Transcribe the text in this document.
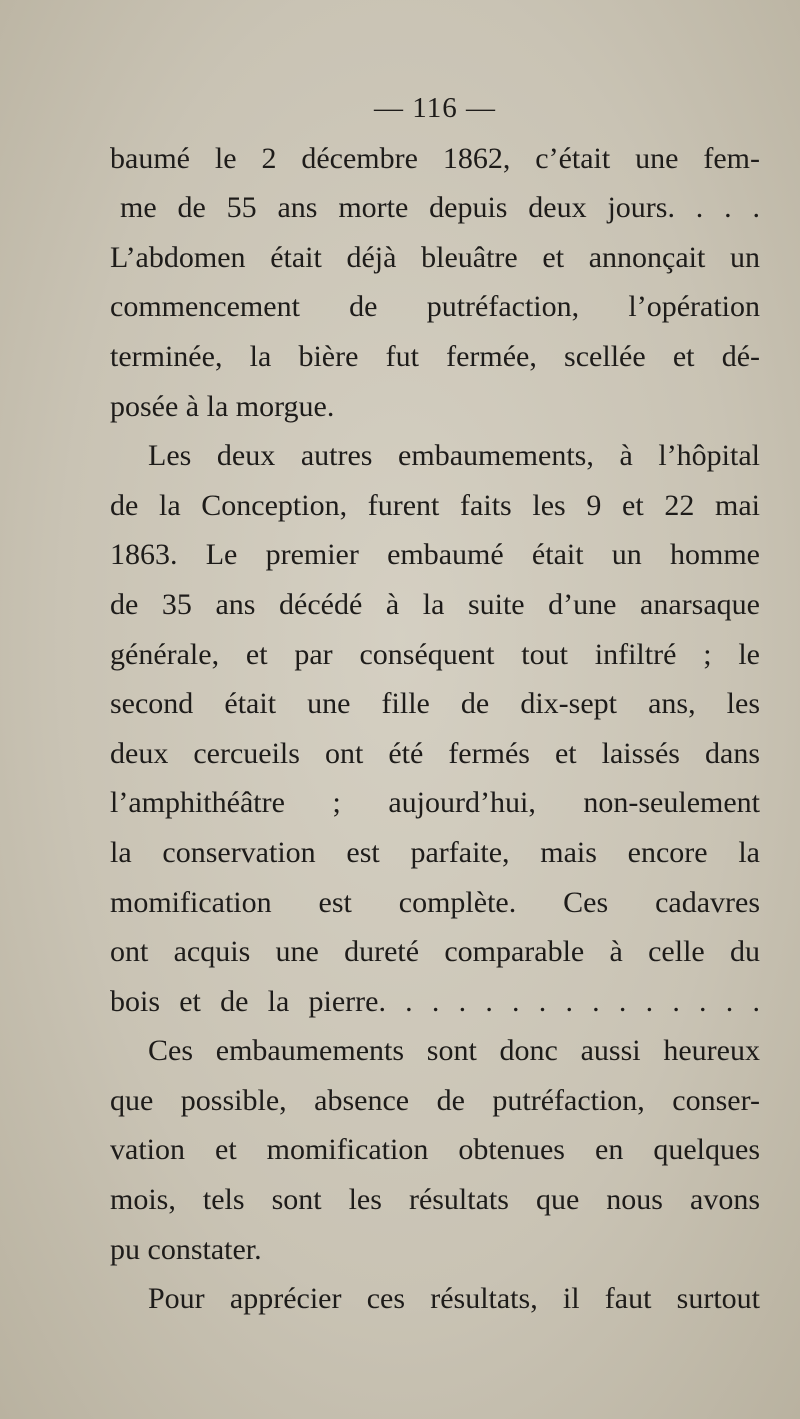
— 116 —
baumé le 2 décembre 1862, c’était une fem-
me de 55 ans morte depuis deux jours. . . .
L’abdomen était déjà bleuâtre et annonçait un
commencement de putréfaction, l’opération
terminée, la bière fut fermée, scellée et dé-
posée à la morgue.
Les deux autres embaumements, à l’hôpital
de la Conception, furent faits les 9 et 22 mai
1863. Le premier embaumé était un homme
de 35 ans décédé à la suite d’une anarsaque
générale, et par conséquent tout infiltré ; le
second était une fille de dix-sept ans, les
deux cercueils ont été fermés et laissés dans
l’amphithéâtre ; aujourd’hui, non-seulement
la conservation est parfaite, mais encore la
momification est complète. Ces cadavres
ont acquis une dureté comparable à celle du
bois et de la pierre. . . . . . . . . . . . . . .
Ces embaumements sont donc aussi heureux
que possible, absence de putréfaction, conser-
vation et momification obtenues en quelques
mois, tels sont les résultats que nous avons
pu constater.
Pour apprécier ces résultats, il faut surtout
